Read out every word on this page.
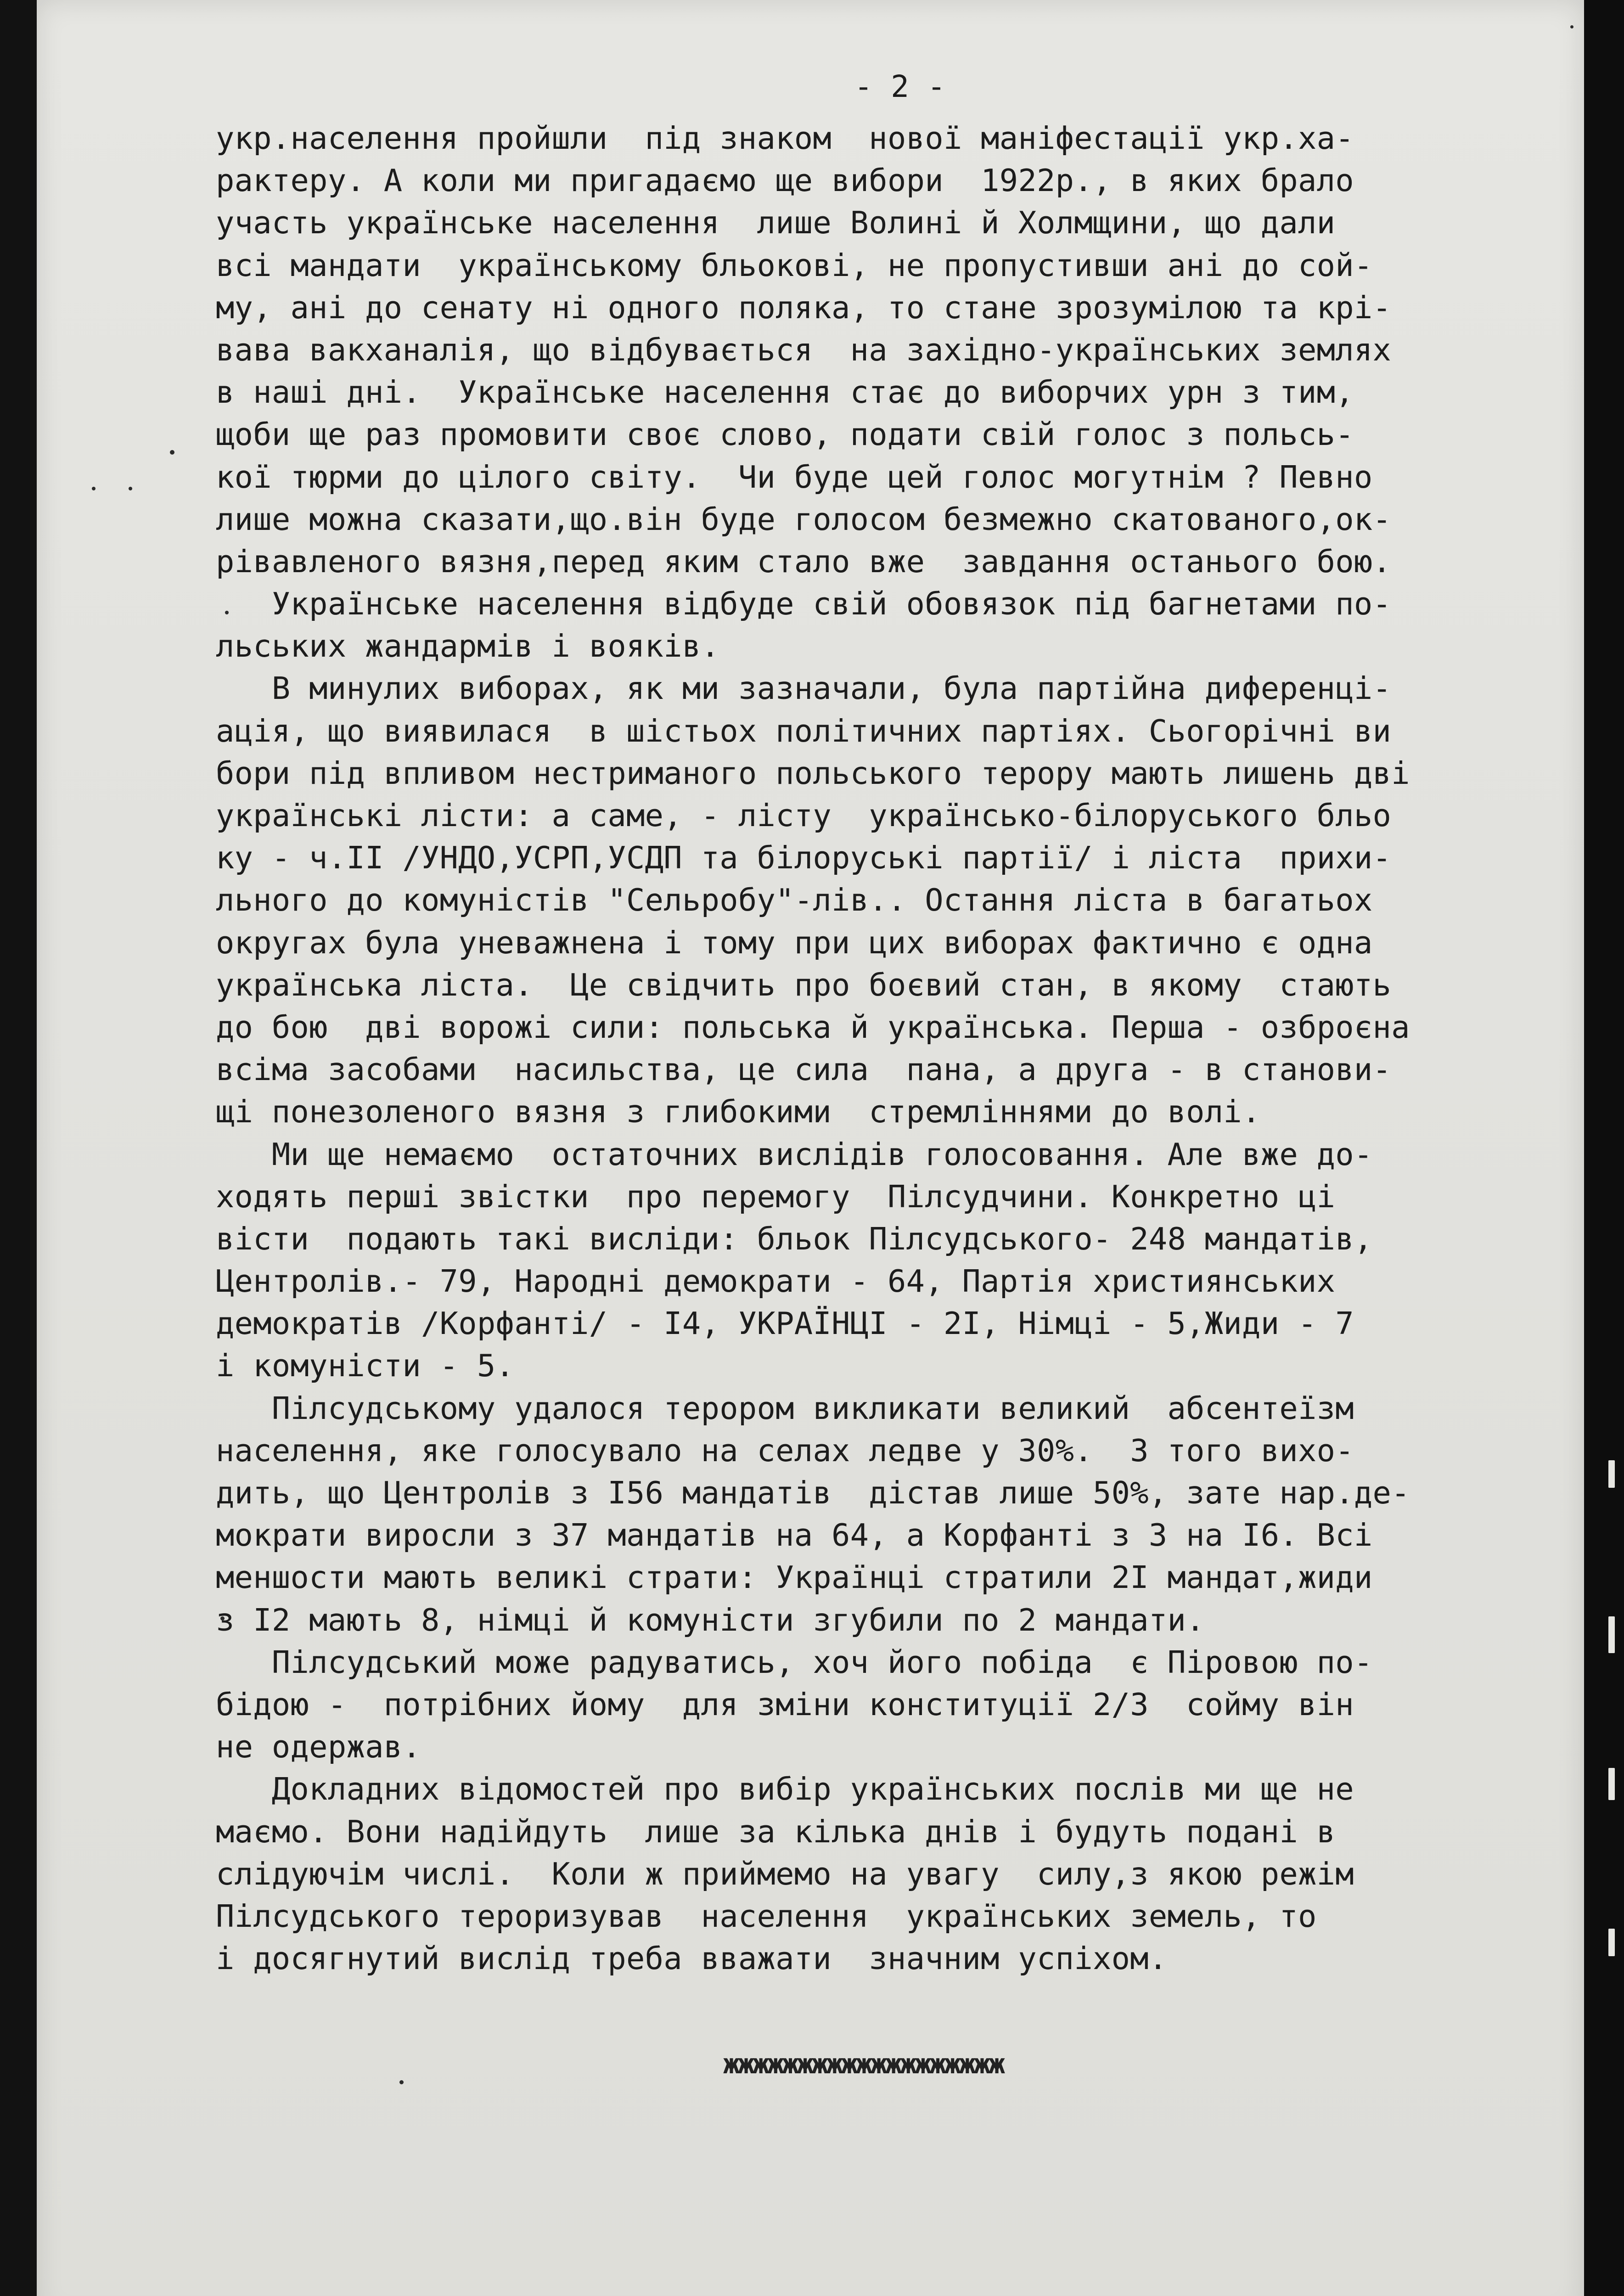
- 2 -
укр.населення пройшли  під знаком  нової маніфестації укр.ха-
рактеру. А коли ми пригадаємо ще вибори  1922р., в яких брало
участь українське населення  лише Волині й Холмщини, що дали
всі мандати  українському бльокові, не пропустивши ані до сой-
му, ані до сенату ні одного поляка, то стане зрозумілою та крі-
вава вакханалія, що відбувається  на західно-українських землях
в наші дні.  Українське населення стає до виборчих урн з тим,
щоби ще раз промовити своє слово, подати свій голос з польсь-
кої тюрми до цілого світу.  Чи буде цей голос могутнім ? Певно
лише можна сказати,що.він буде голосом безмежно скатованого,ок-
рівавленого вязня,перед яким стало вже  завдання останього бою.
Українське населення відбуде свій обовязок під багнетами по-
льських жандармів і вояків.
В минулих виборах, як ми зазначали, була партійна диференці-
ація, що виявилася  в шістьох політичних партіях. Сьогорічні ви
бори під впливом нестриманого польського терору мають лишень дві
українські лісти: а саме, - лісту  українсько-білоруського бльо
ку - ч.II /УНДО,УСРП,УСДП та білоруські партії/ і ліста  прихи-
льного до комуністів "Сельробу"-лів.. Остання ліста в багатьох
округах була уневажнена і тому при цих виборах фактично є одна
українська ліста.  Це свідчить про боєвий стан, в якому  стають
до бою  дві ворожі сили: польська й українська. Перша - озброєна
всіма засобами  насильства, це сила  пана, а друга - в станови-
щі понезоленого вязня з глибокими  стремліннями до волі.
Ми ще немаємо  остаточних вислідів голосовання. Але вже до-
ходять перші звістки  про перемогу  Пілсудчини. Конкретно ці
вісти  подають такі висліди: бльок Пілсудського- 248 мандатів,
Центролів.- 79, Народні демократи - 64, Партія християнських
демократів /Корфанті/ - I4, УКРАЇНЦІ - 2I, Німці - 5,Жиди - 7
і комуністи - 5.
Пілсудському удалося терором викликати великий  абсентеїзм
населення, яке голосувало на селах ледве у 30%.  З того вихо-
дить, що Центролів з I56 мандатів  дістав лише 50%, зате нар.де-
мократи виросли з 37 мандатів на 64, а Корфанті з 3 на I6. Всі
меншости мають великі страти: Українці стратили 2I мандат,жиди
з I2 мають 8, німці й комуністи згубили по 2 мандати.
Пілсудський може радуватись, хоч його побіда  є Піровою по-
бідою -  потрібних йому  для зміни конституції 2/3  сойму він
не одержав.
Докладних відомостей про вибір українських послів ми ще не
маємо. Вони надійдуть  лише за кілька днів і будуть подані в
слідуючім числі.  Коли ж приймемо на увагу  силу,з якою режім
Пілсудського тероризував  населення  українських земель, то
і досягнутий вислід треба вважати  значним успіхом.
жжжжжжжжжжжжжжжжжжж
